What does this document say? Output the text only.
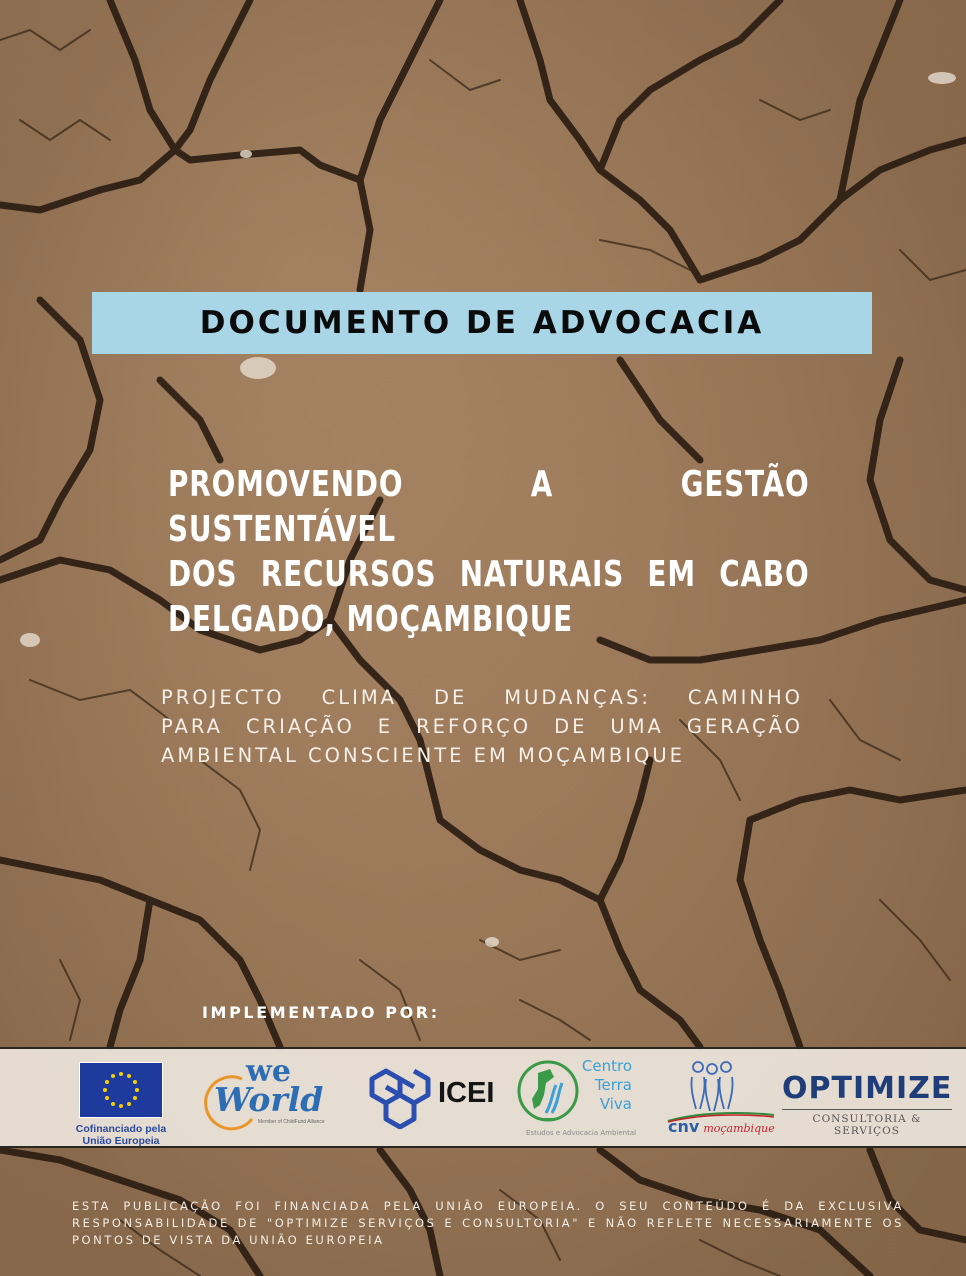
DOCUMENTO DE ADVOCACIA
PROMOVENDO A GESTÃO SUSTENTÁVEL
DOS RECURSOS NATURAIS EM CABO
DELGADO, MOÇAMBIQUE
PROJECTO CLIMA DE MUDANÇAS: CAMINHO
PARA CRIAÇÃO E REFORÇO DE UMA GERAÇÃO
AMBIENTAL CONSCIENTE EM MOÇAMBIQUE
IMPLEMENTADO POR:
Cofinanciado pela
União Europeia
we
World
Member of ChildFund Alliance
ICEI
Centro
Terra
Viva
Estudos e Advocacia Ambiental cnv moçambique
OPTIMIZE
CONSULTORIA & SERVIÇOS
ESTA PUBLICAÇÃO FOI FINANCIADA PELA UNIÃO EUROPEIA. O SEU CONTEÚDO É DA EXCLUSIVA
RESPONSABILIDADE DE "OPTIMIZE SERVIÇOS E CONSULTORIA" E NÃO REFLETE NECESSARIAMENTE OS
PONTOS DE VISTA DA UNIÃO EUROPEIA
